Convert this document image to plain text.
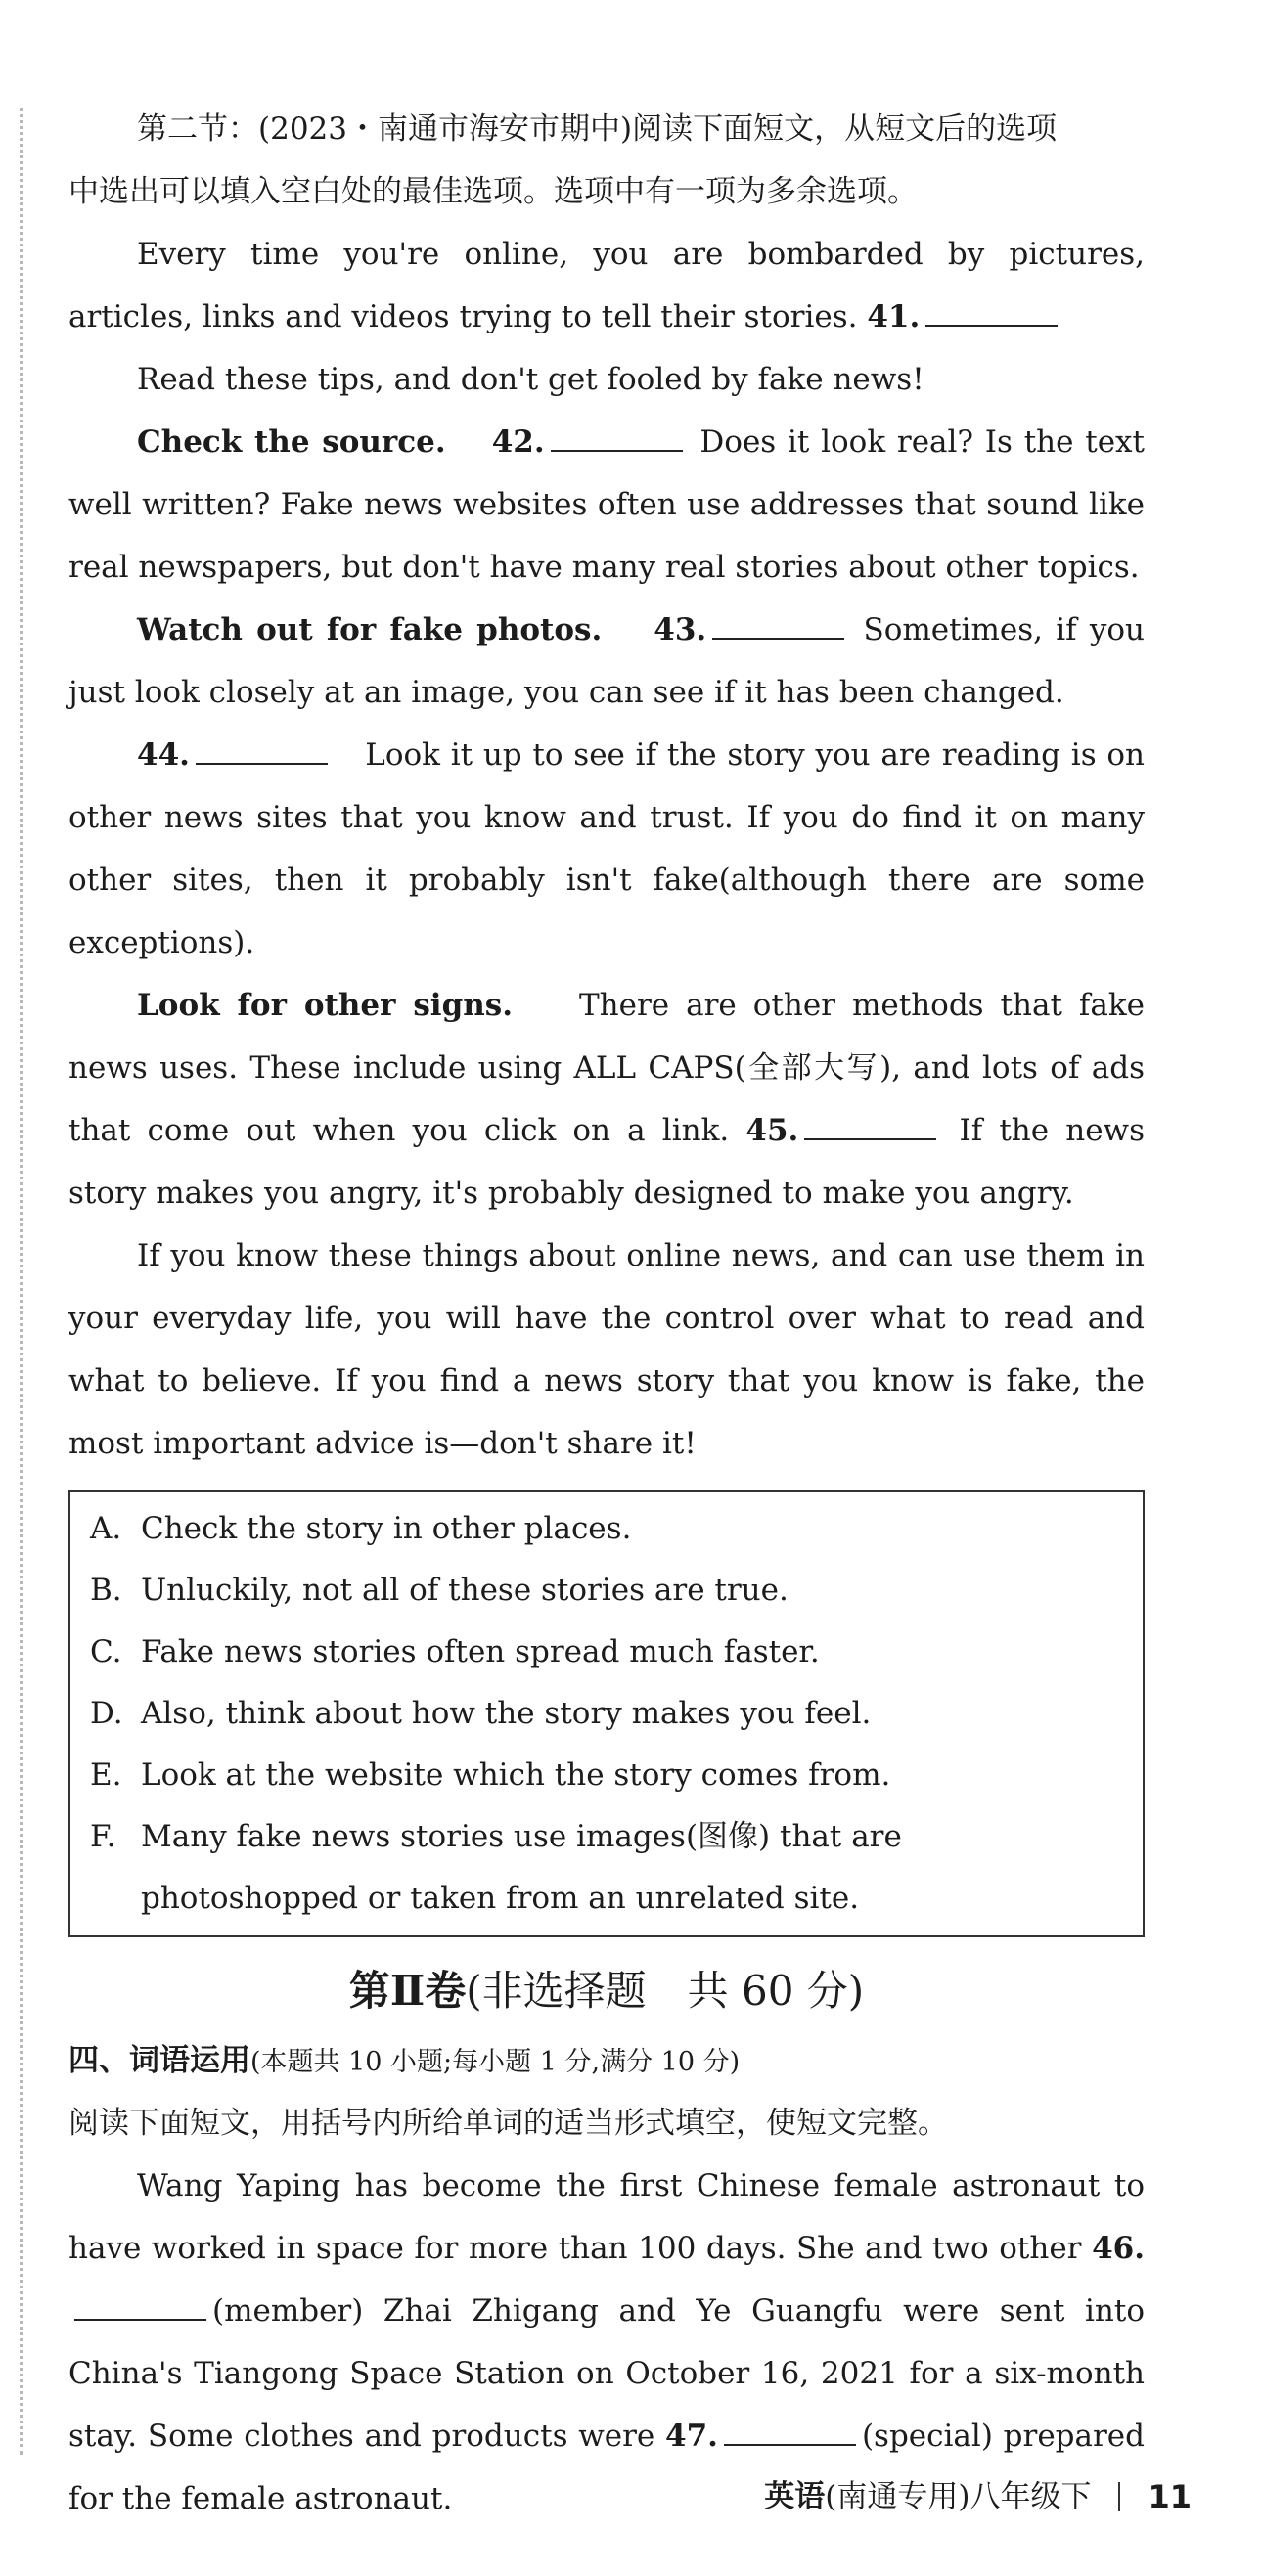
第二节：(2023・南通市海安市期中)阅读下面短文，从短文后的选项
中选出可以填入空白处的最佳选项。选项中有一项为多余选项。

Every time you're online, you are bombarded by pictures, articles, links and videos trying to tell their stories. 41.

Read these tips, and don't get fooled by fake news!

Check the source. 42.	Does it look real? Is the text well written? Fake news websites often use addresses that sound like real newspapers, but don't have many real stories about other topics.

Watch out for fake photos. 43.	Sometimes, if you just look closely at an image, you can see if it has been changed.

44.	Look it up to see if the story you are reading is on other news sites that you know and trust. If you do find it on many other sites, then it probably isn't fake(although there are some exceptions).

Look for other signs. There are other methods that fake news uses. These include using ALL CAPS(全部大写), and lots of ads that come out when you click on a link. 45.	If the news story makes you angry, it's probably designed to make you angry.

If you know these things about online news, and can use them in your everyday life, you will have the control over what to read and what to believe. If you find a news story that you know is fake, the most important advice is—don't share it!

A. Check the story in other places.
B. Unluckily, not all of these stories are true.
C. Fake news stories often spread much faster.
D. Also, think about how the story makes you feel.
E. Look at the website which the story comes from.
F. Many fake news stories use images(图像) that are photoshopped or taken from an unrelated site.
第Ⅱ卷(非选择题　共 60 分)

四、词语运用(本题共 10 小题;每小题 1 分,满分 10 分)

阅读下面短文，用括号内所给单词的适当形式填空，使短文完整。

Wang Yaping has become the first Chinese female astronaut to have worked in space for more than 100 days. She and two other 46.(member) Zhai Zhigang and Ye Guangfu were sent into China's Tiangong Space Station on October 16, 2021 for a six-month stay. Some clothes and products were 47.	(special) prepared for the female astronaut.	英语(南通专用)八年级下 11
